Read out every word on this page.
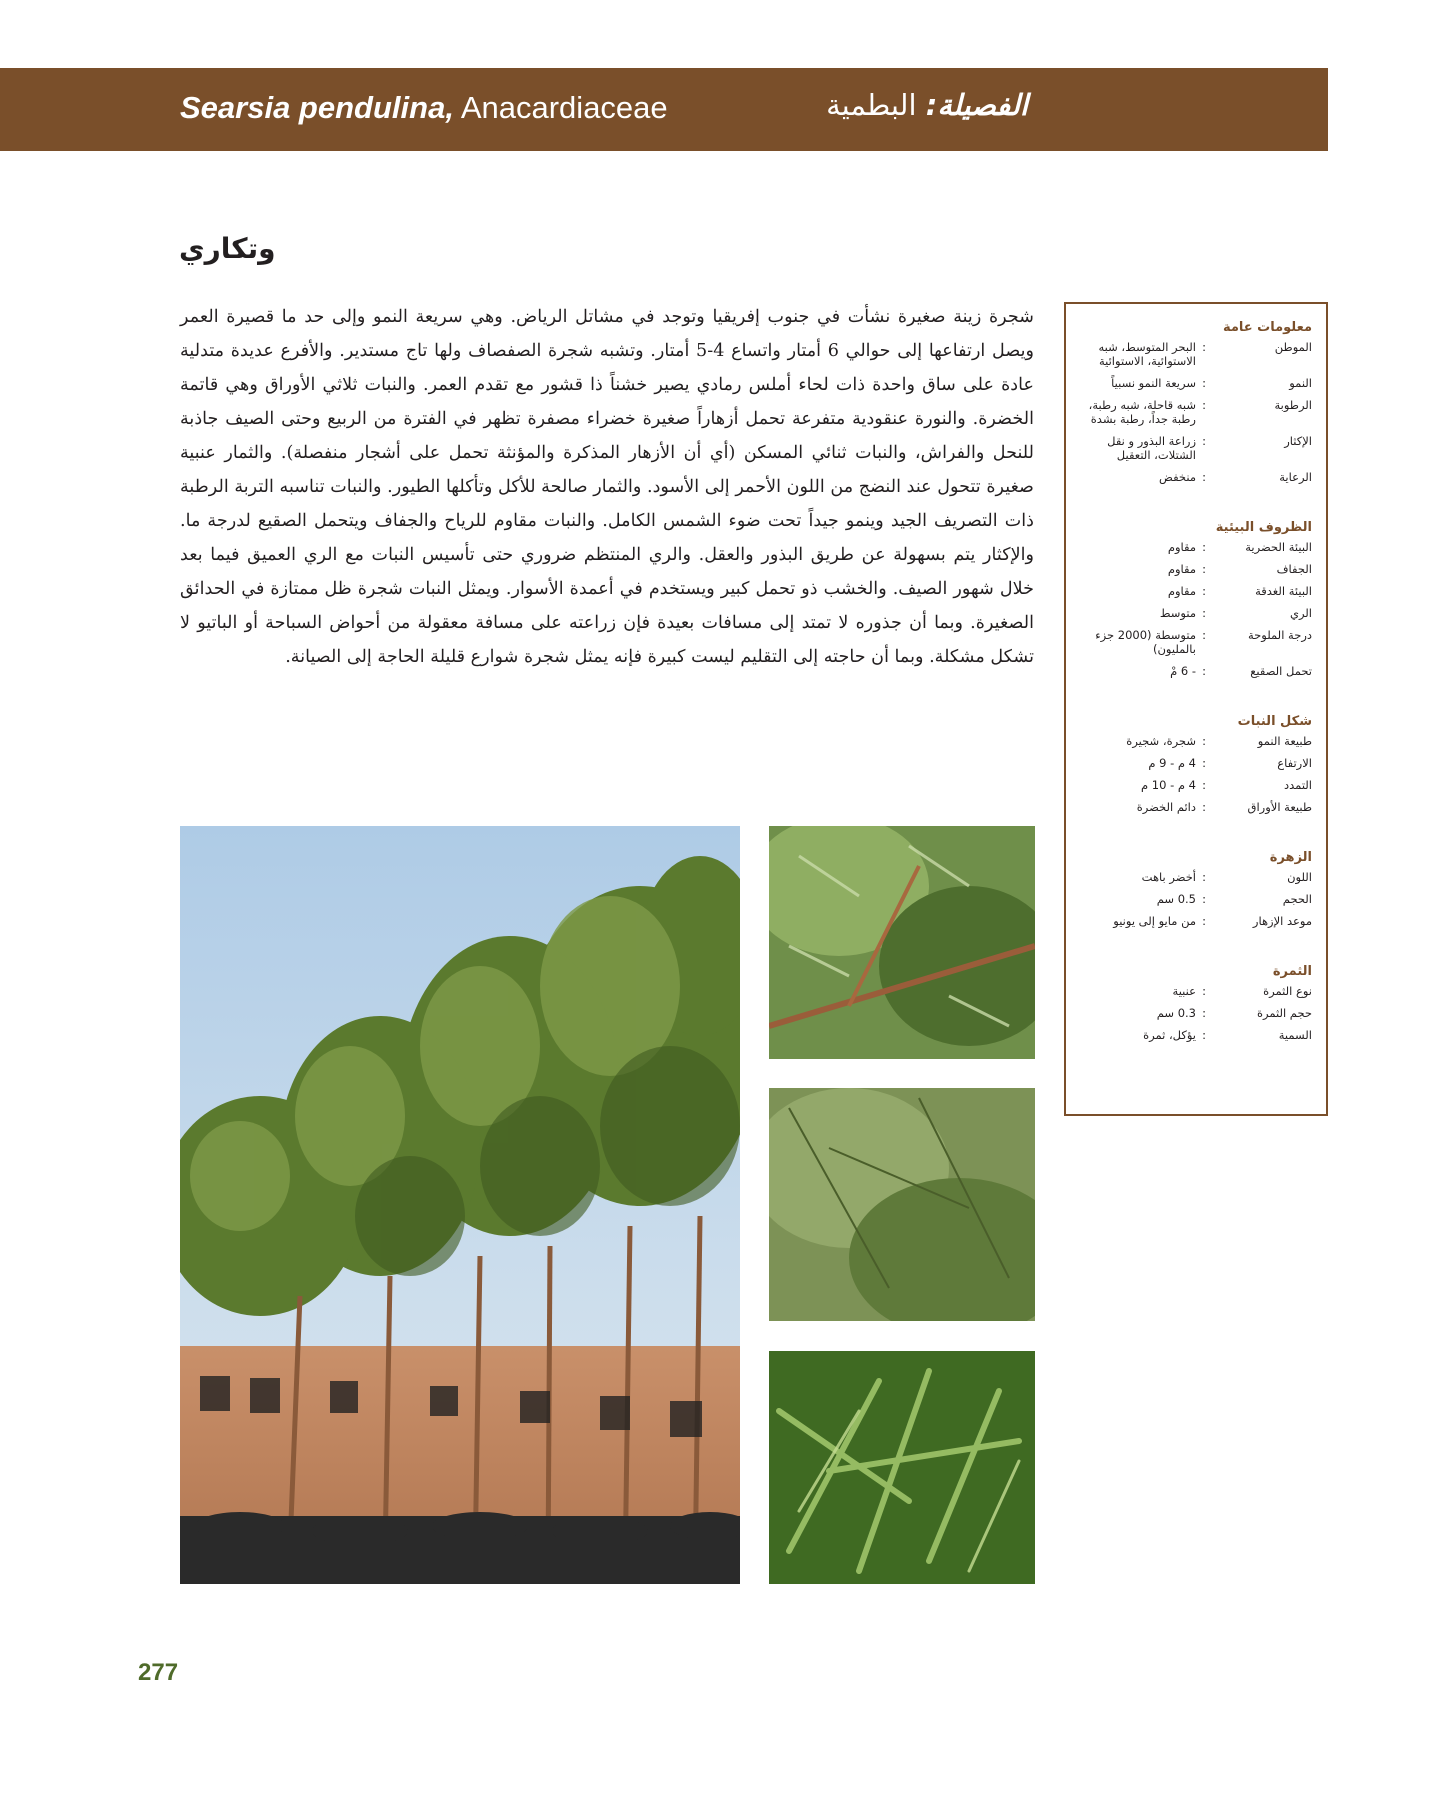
Searsia pendulina, Anacardiaceae	الفصيلة: البطمية
وتكاري

شجرة زينة صغيرة نشأت في جنوب إفريقيا وتوجد في مشاتل الرياض. وهي سريعة النمو وإلى حد ما قصيرة العمر ويصل ارتفاعها إلى حوالي 6 أمتار واتساع 4-5 أمتار. وتشبه شجرة الصفصاف ولها تاج مستدير. والأفرع عديدة متدلية عادة على ساق واحدة ذات لحاء أملس رمادي يصير خشناً ذا قشور مع تقدم العمر. والنبات ثلاثي الأوراق وهي قاتمة الخضرة. والنورة عنقودية متفرعة تحمل أزهاراً صغيرة خضراء مصفرة تظهر في الفترة من الربيع وحتى الصيف جاذبة للنحل والفراش، والنبات ثنائي المسكن (أي أن الأزهار المذكرة والمؤنثة تحمل على أشجار منفصلة). والثمار عنبية صغيرة تتحول عند النضج من اللون الأحمر إلى الأسود. والثمار صالحة للأكل وتأكلها الطيور. والنبات تناسبه التربة الرطبة ذات التصريف الجيد وينمو جيداً تحت ضوء الشمس الكامل. والنبات مقاوم للرياح والجفاف ويتحمل الصقيع لدرجة ما. والإكثار يتم بسهولة عن طريق البذور والعقل. والري المنتظم ضروري حتى تأسيس النبات مع الري العميق فيما بعد خلال شهور الصيف. والخشب ذو تحمل كبير ويستخدم في أعمدة الأسوار. ويمثل النبات شجرة ظل ممتازة في الحدائق الصغيرة. وبما أن جذوره لا تمتد إلى مسافات بعيدة فإن زراعته على مسافة معقولة من أحواض السباحة أو الباتيو لا تشكل مشكلة. وبما أن حاجته إلى التقليم ليست كبيرة فإنه يمثل شجرة شوارع قليلة الحاجة إلى الصيانة.

معلومات عامة
الموطن
:
البحر المتوسط، شبه الاستوائية، الاستوائية
النمو
:
سريعة النمو نسبياً
الرطوبة
:
شبه قاحلة، شبه رطبة، رطبة جداً، رطبة بشدة
الإكثار
:
زراعة البذور و نقل الشتلات، التعقيل
الرعاية
:
منخفض
الظروف البيئية
البيئة الحضرية
:
مقاوم
الجفاف
:
مقاوم
البيئة الغدقة
:
مقاوم
الري
:
متوسط
درجة الملوحة
:
متوسطة (2000 جزء بالمليون)
تحمل الصقيع
:
- 6 مْ
شكل النبات
طبيعة النمو
:
شجرة، شجيرة
الارتفاع
:
4 م - 9 م
التمدد
:
4 م - 10 م
طبيعة الأوراق
:
دائم الخضرة
الزهرة
اللون
:
أخضر باهت
الحجم
:
0.5 سم
موعد الإزهار
:
من مايو إلى يونيو
الثمرة
نوع الثمرة
:
عنبية
حجم الثمرة
:
0.3 سم
السمية
:
يؤكل، ثمرة
277
